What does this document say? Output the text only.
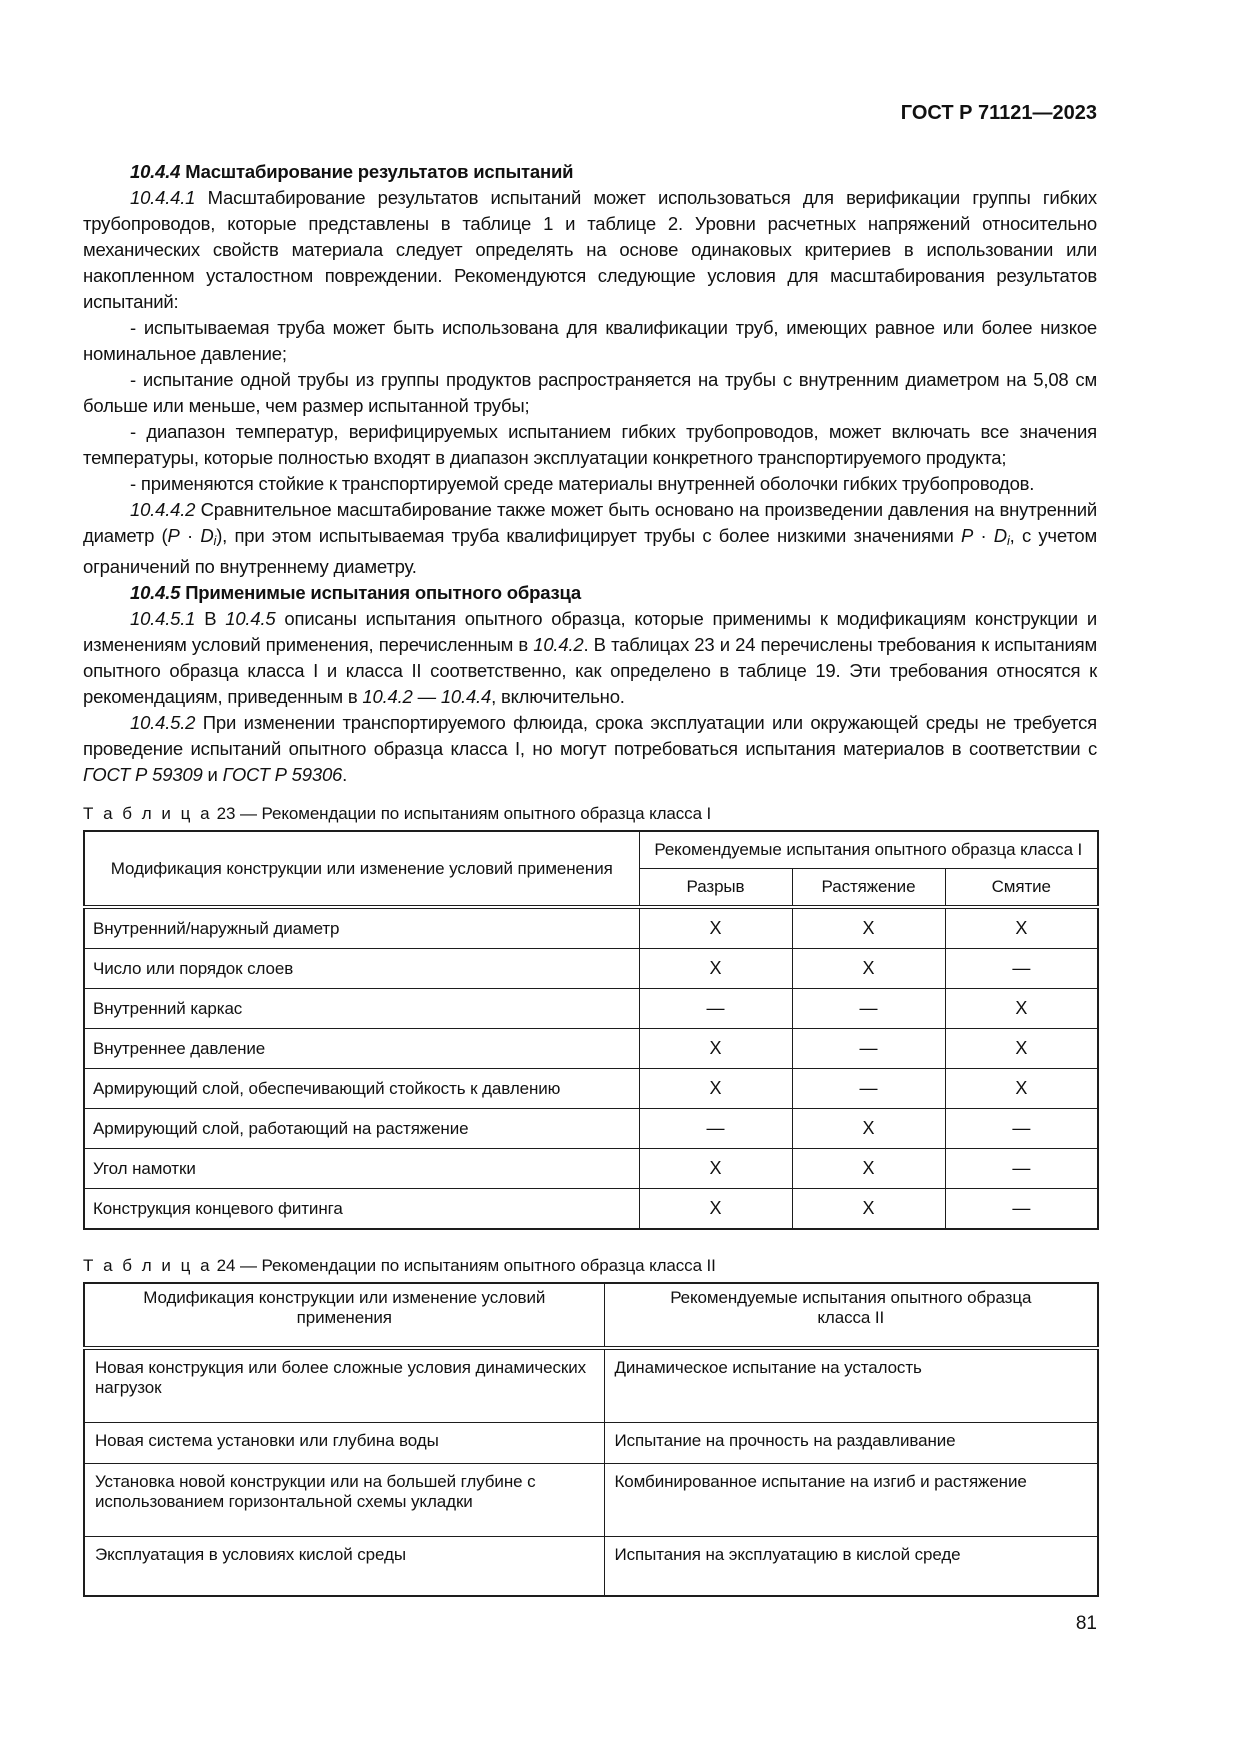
ГОСТ Р 71121—2023

10.4.4 Масштабирование результатов испытаний

10.4.4.1 Масштабирование результатов испытаний может использоваться для верификации группы гибких трубопроводов, которые представлены в таблице 1 и таблице 2. Уровни расчетных напряжений относительно механических свойств материала следует определять на основе одинаковых критериев в использовании или накопленном усталостном повреждении. Рекомендуются следующие условия для масштабирования результатов испытаний:

- испытываемая труба может быть использована для квалификации труб, имеющих равное или более низкое номинальное давление;

- испытание одной трубы из группы продуктов распространяется на трубы с внутренним диаметром на 5,08 см больше или меньше, чем размер испытанной трубы;

- диапазон температур, верифицируемых испытанием гибких трубопроводов, может включать все значения температуры, которые полностью входят в диапазон эксплуатации конкретного транспортируемого продукта;

- применяются стойкие к транспортируемой среде материалы внутренней оболочки гибких трубопроводов.

10.4.4.2 Сравнительное масштабирование также может быть основано на произведении давления на внутренний диаметр $(P \cdot D_i)$, при этом испытываемая труба квалифицирует трубы с более низкими значениями $P \cdot D_i$, с учетом ограничений по внутреннему диаметру.

10.4.5 Применимые испытания опытного образца

10.4.5.1 В 10.4.5 описаны испытания опытного образца, которые применимы к модификациям конструкции и изменениям условий применения, перечисленным в 10.4.2. В таблицах 23 и 24 перечислены требования к испытаниям опытного образца класса I и класса II соответственно, как определено в таблице 19. Эти требования относятся к рекомендациям, приведенным в 10.4.2 — 10.4.4, включительно.

10.4.5.2 При изменении транспортируемого флюида, срока эксплуатации или окружающей среды не требуется проведение испытаний опытного образца класса I, но могут потребоваться испытания материалов в соответствии с ГОСТ Р 59309 и ГОСТ Р 59306.

Т а б л и ц а 23 — Рекомендации по испытаниям опытного образца класса I
Модификация конструкции или изменение условий применения	Рекомендуемые испытания опытного образца класса I		
	Разрыв	Растяжение	Смятие
Внутренний/наружный диаметр	X	X	X
Число или порядок слоев	X	X	—
Внутренний каркас	—	—	X
Внутреннее давление	X	—	X
Армирующий слой, обеспечивающий стойкость к давлению	X	—	X
Армирующий слой, работающий на растяжение	—	X	—
Угол намотки	X	X	—
Конструкция концевого фитинга	X	X	—
Т а б л и ц а 24 — Рекомендации по испытаниям опытного образца класса II
Модификация конструкции или изменение условий применения	Рекомендуемые испытания опытного образца класса II
Новая конструкция или более сложные условия динамических нагрузок	Динамическое испытание на усталость
Новая система установки или глубина воды	Испытание на прочность на раздавливание
Установка новой конструкции или на большей глубине с использованием горизонтальной схемы укладки	Комбинированное испытание на изгиб и растяжение
Эксплуатация в условиях кислой среды	Испытания на эксплуатацию в кислой среде
81
